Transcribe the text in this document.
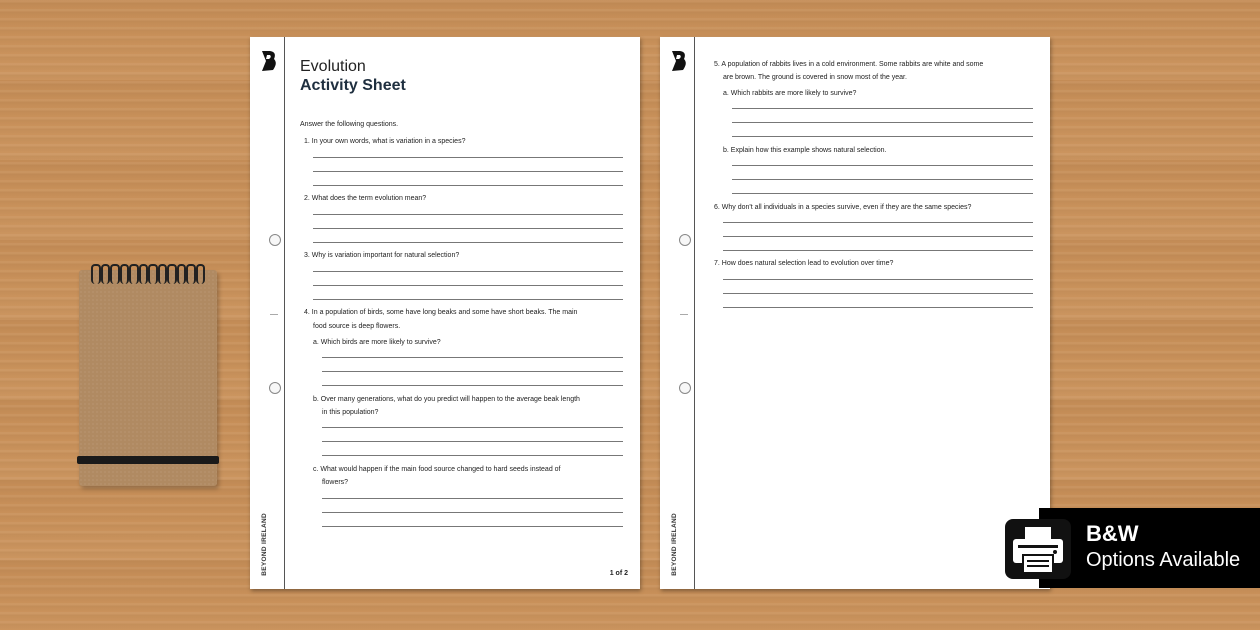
BEYOND IRELAND
Evolution
Activity Sheet
Answer the following questions.
1. In your own words, what is variation in a species?
2. What does the term evolution mean?
3. Why is variation important for natural selection?
4. In a population of birds, some have long beaks and some have short beaks. The main
food source is deep flowers.
a. Which birds are more likely to survive?
b. Over many generations, what do you predict will happen to the average beak length
in this population?
c. What would happen if the main food source changed to hard seeds instead of
flowers?
1 of 2	BEYOND IRELAND
5. A population of rabbits lives in a cold environment. Some rabbits are white and some
are brown. The ground is covered in snow most of the year.
a. Which rabbits are more likely to survive?
b. Explain how this example shows natural selection.
6. Why don't all individuals in a species survive, even if they are the same species?
7. How does natural selection lead to evolution over time?
B&W
Options Available
